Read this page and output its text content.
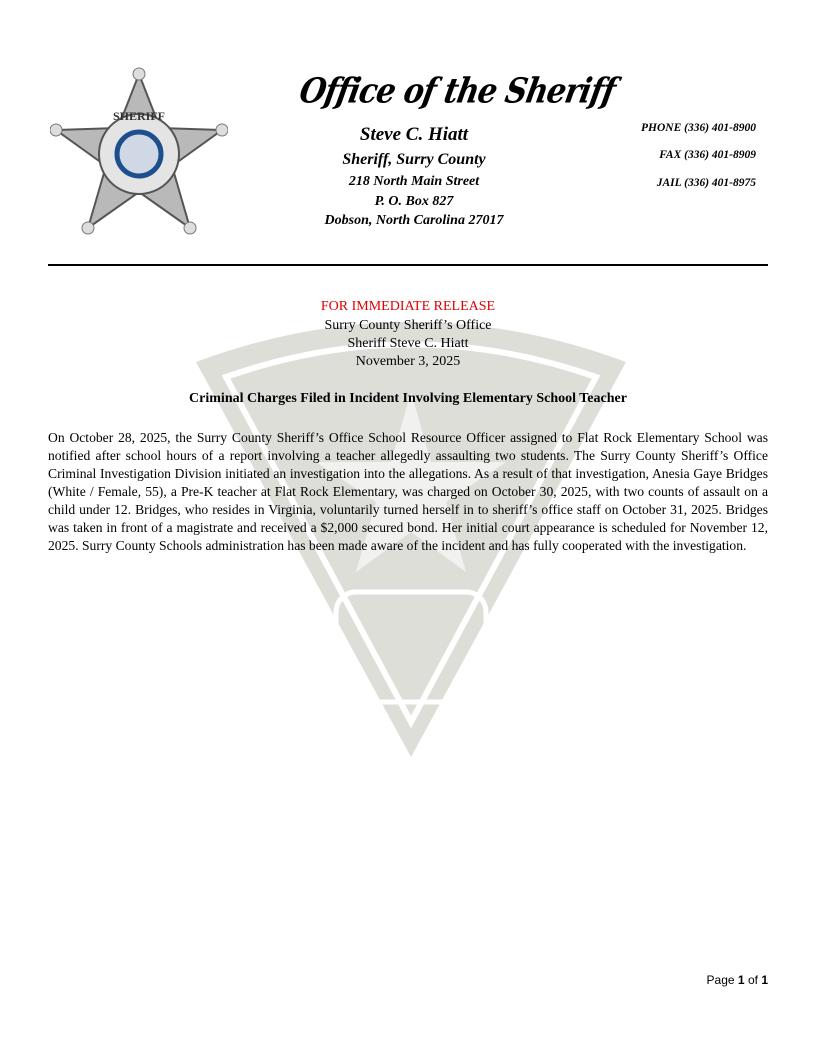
SHERIFF
Office of the Sheriff
Steve C. Hiatt
Sheriff, Surry County
218 North Main Street
P. O. Box 827
Dobson, North Carolina 27017
PHONE (336) 401-8900
FAX (336) 401-8909
JAIL (336) 401-8975
FOR IMMEDIATE RELEASE
Surry County Sheriff’s Office
Sheriff Steve C. Hiatt
November 3, 2025
Criminal Charges Filed in Incident Involving Elementary School Teacher
On October 28, 2025, the Surry County Sheriff’s Office School Resource Officer assigned to Flat Rock Elementary School was notified after school hours of a report involving a teacher allegedly assaulting two students. The Surry County Sheriff’s Office Criminal Investigation Division initiated an investigation into the allegations. As a result of that investigation, Anesia Gaye Bridges (White / Female, 55), a Pre-K teacher at Flat Rock Elementary, was charged on October 30, 2025, with two counts of assault on a child under 12. Bridges, who resides in Virginia, voluntarily turned herself in to sheriff’s office staff on October 31, 2025. Bridges was taken in front of a magistrate and received a $2,000 secured bond. Her initial court appearance is scheduled for November 12, 2025. Surry County Schools administration has been made aware of the incident and has fully cooperated with the investigation.
Page 1 of 1
